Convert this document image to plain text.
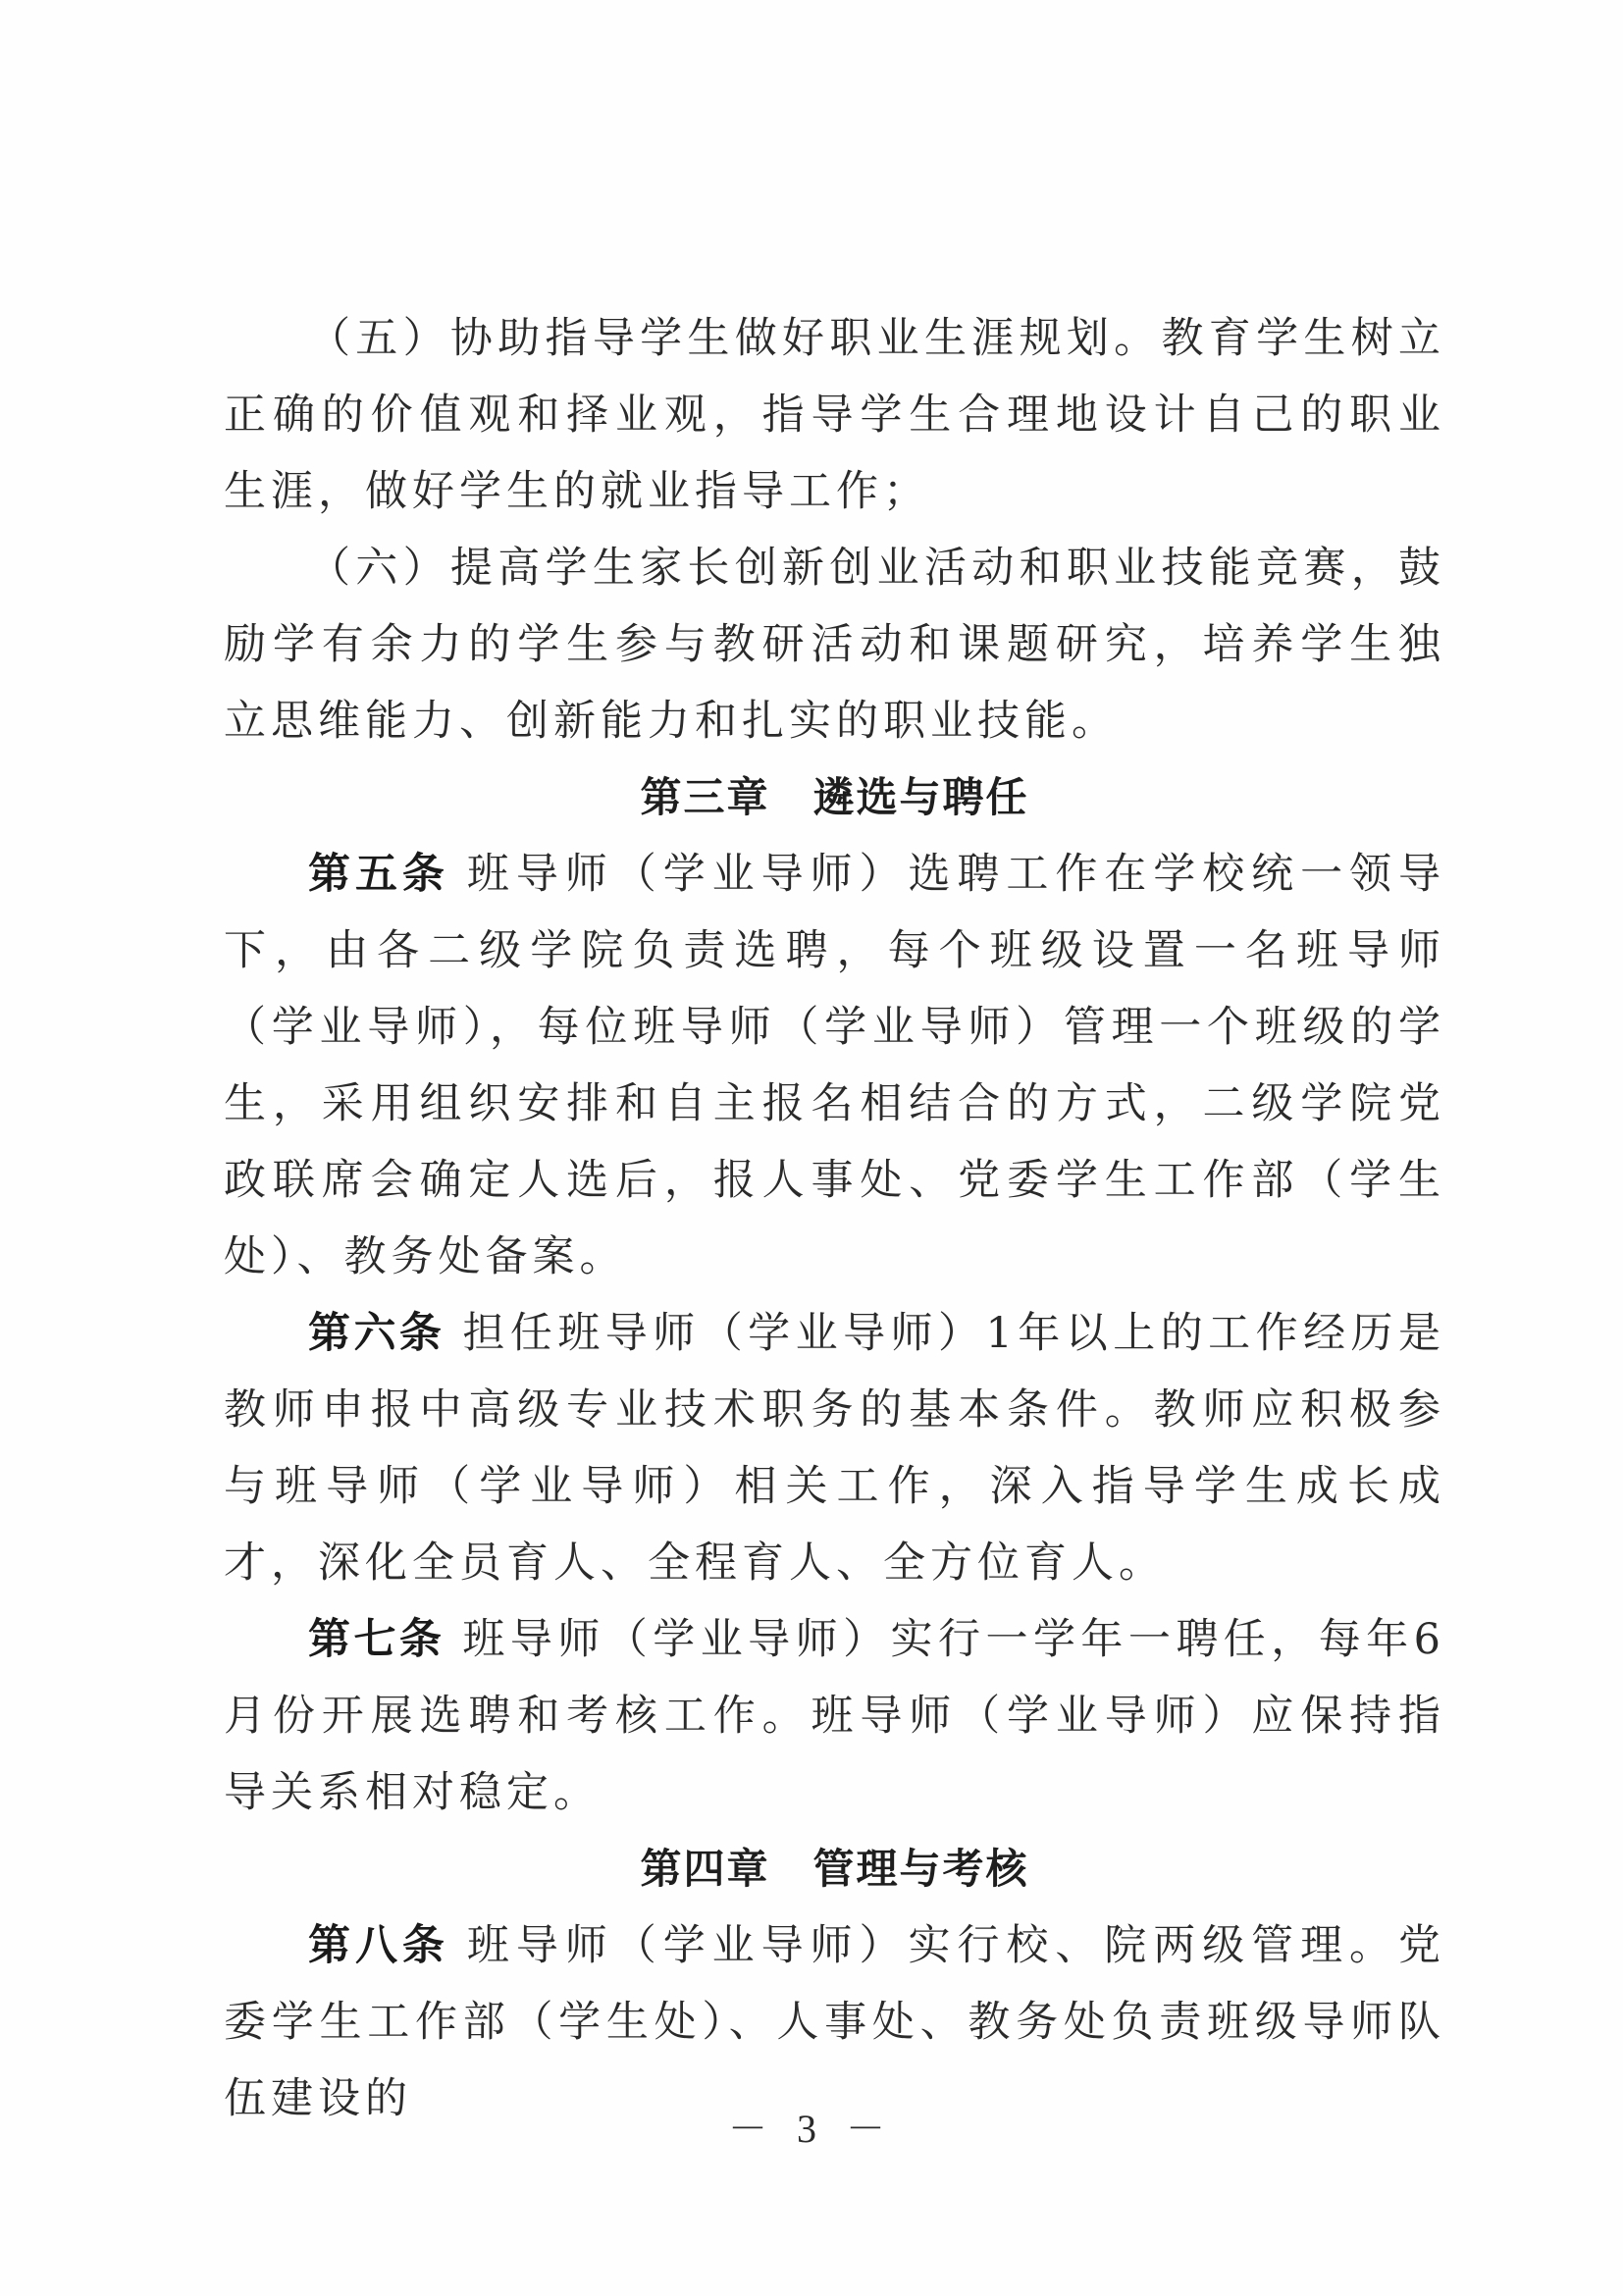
（五）协助指导学生做好职业生涯规划。教育学生树立正确的价值观和择业观，指导学生合理地设计自己的职业生涯，做好学生的就业指导工作；

（六）提高学生家长创新创业活动和职业技能竞赛，鼓励学有余力的学生参与教研活动和课题研究，培养学生独立思维能力、创新能力和扎实的职业技能。

第三章　遴选与聘任

第五条 班导师（学业导师）选聘工作在学校统一领导下，由各二级学院负责选聘，每个班级设置一名班导师（学业导师），每位班导师（学业导师）管理一个班级的学生，采用组织安排和自主报名相结合的方式，二级学院党政联席会确定人选后，报人事处、党委学生工作部（学生处）、教务处备案。

第六条 担任班导师（学业导师）1年以上的工作经历是教师申报中高级专业技术职务的基本条件。教师应积极参与班导师（学业导师）相关工作，深入指导学生成长成才，深化全员育人、全程育人、全方位育人。

第七条 班导师（学业导师）实行一学年一聘任，每年6月份开展选聘和考核工作。班导师（学业导师）应保持指导关系相对稳定。

第四章　管理与考核

第八条 班导师（学业导师）实行校、院两级管理。党委学生工作部（学生处）、人事处、教务处负责班级导师队伍建设的

－ 3 －
